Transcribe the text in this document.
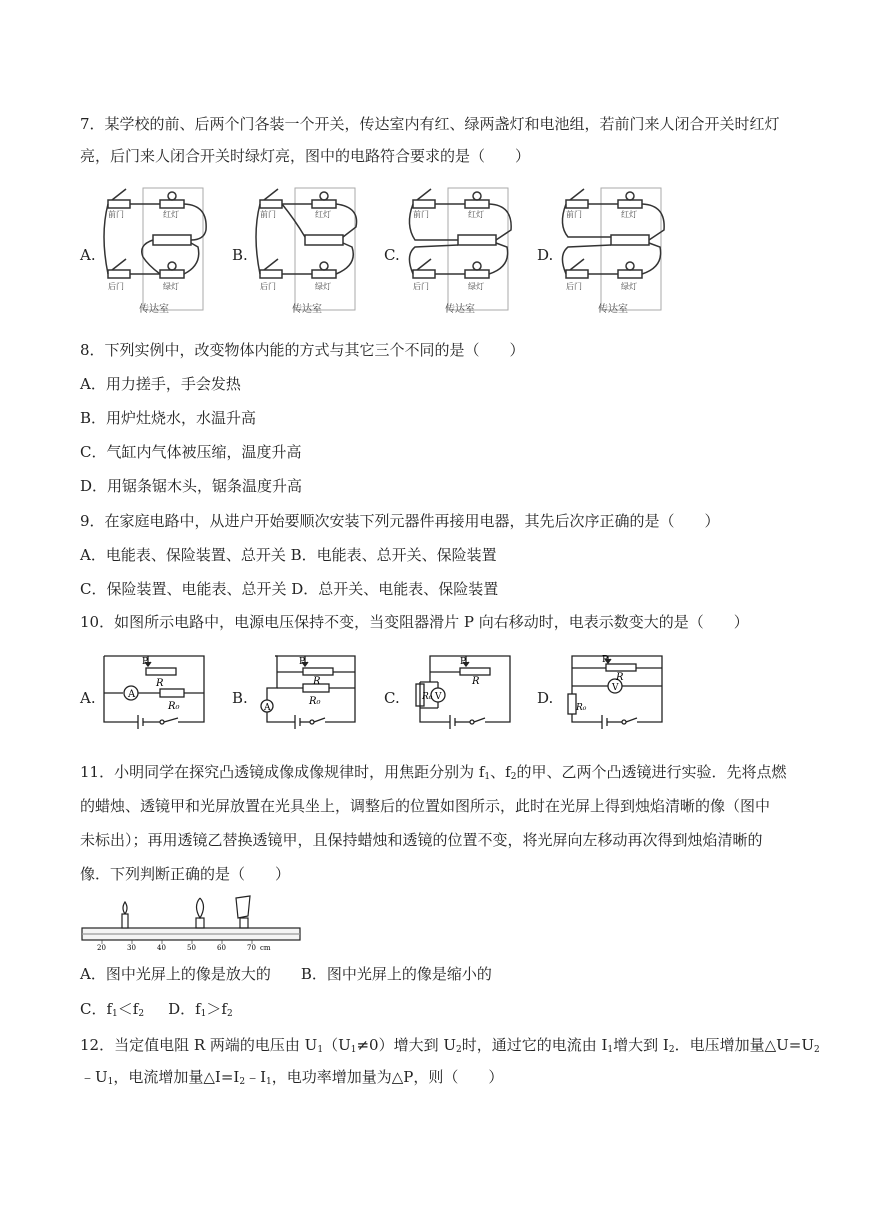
7．某学校的前、后两个门各装一个开关，传达室内有红、绿两盏灯和电池组，若前门来人闭合开关时红灯
亮，后门来人闭合开关时绿灯亮，图中的电路符合要求的是（　　）
A.	B.	C.	D.
前门
后门
红灯
绿灯
前门
后门
红灯
绿灯
前门
后门
红灯
绿灯
前门
后门
红灯
绿灯
传达室	传达室	传达室	传达室
8．下列实例中，改变物体内能的方式与其它三个不同的是（　　）
A．用力搓手，手会发热
B．用炉灶烧水，水温升高
C．气缸内气体被压缩，温度升高
D．用锯条锯木头，锯条温度升高
9．在家庭电路中，从进户开始要顺次安装下列元器件再接用电器，其先后次序正确的是（　　）
A．电能表、保险装置、总开关 B．电能表、总开关、保险装置
C．保险装置、电能表、总开关 D．总开关、电能表、保险装置
10．如图所示电路中，电源电压保持不变，当变阻器滑片 P 向右移动时，电表示数变大的是（　　）
A.	B.	C.	D.
A
P
R
R₀	A
P
R
R₀	V
R₀
P
R
V
R₀
P
R
11．小明同学在探究凸透镜成像成像规律时，用焦距分别为 $f_1$、$f_2$的甲、乙两个凸透镜进行实验．先将点燃
的蜡烛、透镜甲和光屏放置在光具坐上，调整后的位置如图所示，此时在光屏上得到烛焰清晰的像（图中
未标出）；再用透镜乙替换透镜甲，且保持蜡烛和透镜的位置不变，将光屏向左移动再次得到烛焰清晰的
像．下列判断正确的是（　　）
20	30	40	50	60	70 cm
A．图中光屏上的像是放大的　　B．图中光屏上的像是缩小的
C．$f_1<f_2$ D．$f_1>f_2$
12．当定值电阻 R 两端的电压由 $U_1(U_1\ne 0)$增大到 $U_2$时，通过它的电流由 $I_1$增大到 $I_2$．电压增加量$\triangle U=U_2$
$﹣U_1$，电流增加量$\triangle I=I_2﹣I_1$，电功率增加量为△P，则（　　）
